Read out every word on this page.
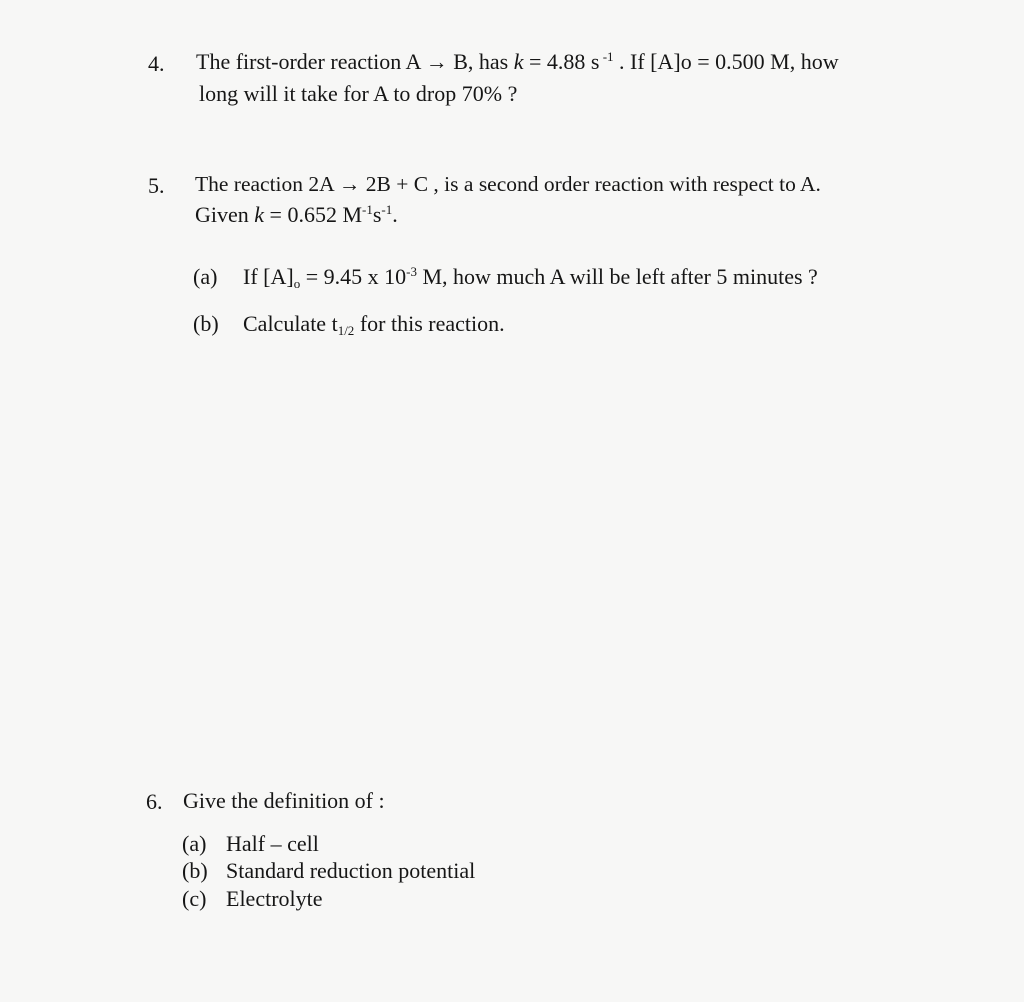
4.	The first-order reaction A → B, has k = 4.88 s $^{-1}$ . If [A]o = 0.500 M, how
long will it take for A to drop 70% ?
5.	The reaction 2A → 2B + C , is a second order reaction with respect to A.
Given k = 0.652 $M^{-1}s^{-1}$.
(a) If $[A]_o = 9.45$ x $10^{-3}$ M, how much A will be left after 5 minutes ?
(b) Calculate $t_{1/2}$ for this reaction.
6. Give the definition of :
(a) Half – cell
(b) Standard reduction potential
(c) Electrolyte
